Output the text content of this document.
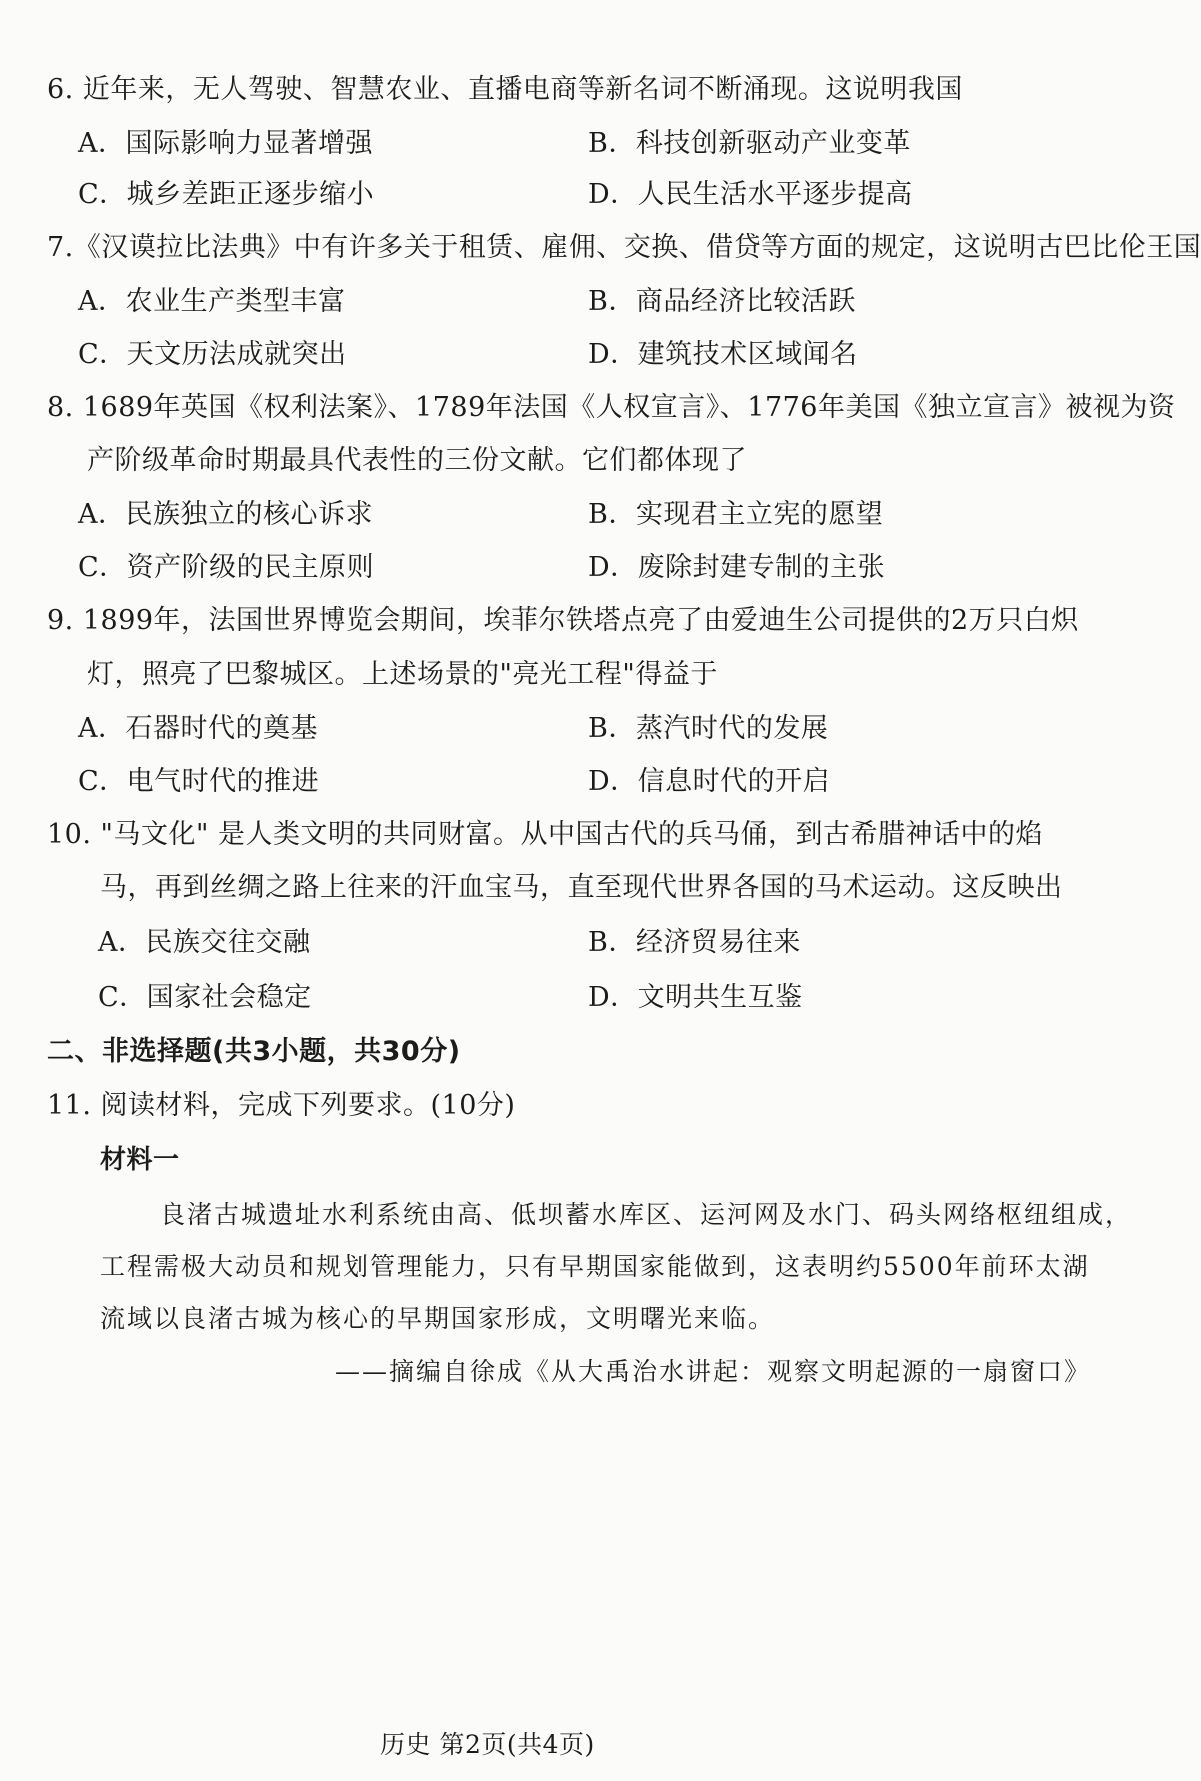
6. 近年来，无人驾驶、智慧农业、直播电商等新名词不断涌现。这说明我国
A．国际影响力显著增强	B．科技创新驱动产业变革
C．城乡差距正逐步缩小	D．人民生活水平逐步提高
7.《汉谟拉比法典》中有许多关于租赁、雇佣、交换、借贷等方面的规定，这说明古巴比伦王国
A．农业生产类型丰富	B．商品经济比较活跃
C．天文历法成就突出	D．建筑技术区域闻名
8. 1689年英国《权利法案》、1789年法国《人权宣言》、1776年美国《独立宣言》被视为资
产阶级革命时期最具代表性的三份文献。它们都体现了
A．民族独立的核心诉求	B．实现君主立宪的愿望
C．资产阶级的民主原则	D．废除封建专制的主张
9. 1899年，法国世界博览会期间，埃菲尔铁塔点亮了由爱迪生公司提供的2万只白炽
灯，照亮了巴黎城区。上述场景的"亮光工程"得益于
A．石器时代的奠基	B．蒸汽时代的发展
C．电气时代的推进	D．信息时代的开启
10. "马文化" 是人类文明的共同财富。从中国古代的兵马俑，到古希腊神话中的焰
马，再到丝绸之路上往来的汗血宝马，直至现代世界各国的马术运动。这反映出
A．民族交往交融	B．经济贸易往来
C．国家社会稳定	D．文明共生互鉴
二、非选择题(共3小题，共30分)
11. 阅读材料，完成下列要求。(10分)
材料一
良渚古城遗址水利系统由高、低坝蓄水库区、运河网及水门、码头网络枢纽组成，
工程需极大动员和规划管理能力，只有早期国家能做到，这表明约5500年前环太湖
流域以良渚古城为核心的早期国家形成，文明曙光来临。
——摘编自徐成《从大禹治水讲起：观察文明起源的一扇窗口》
历史 第2页(共4页)
